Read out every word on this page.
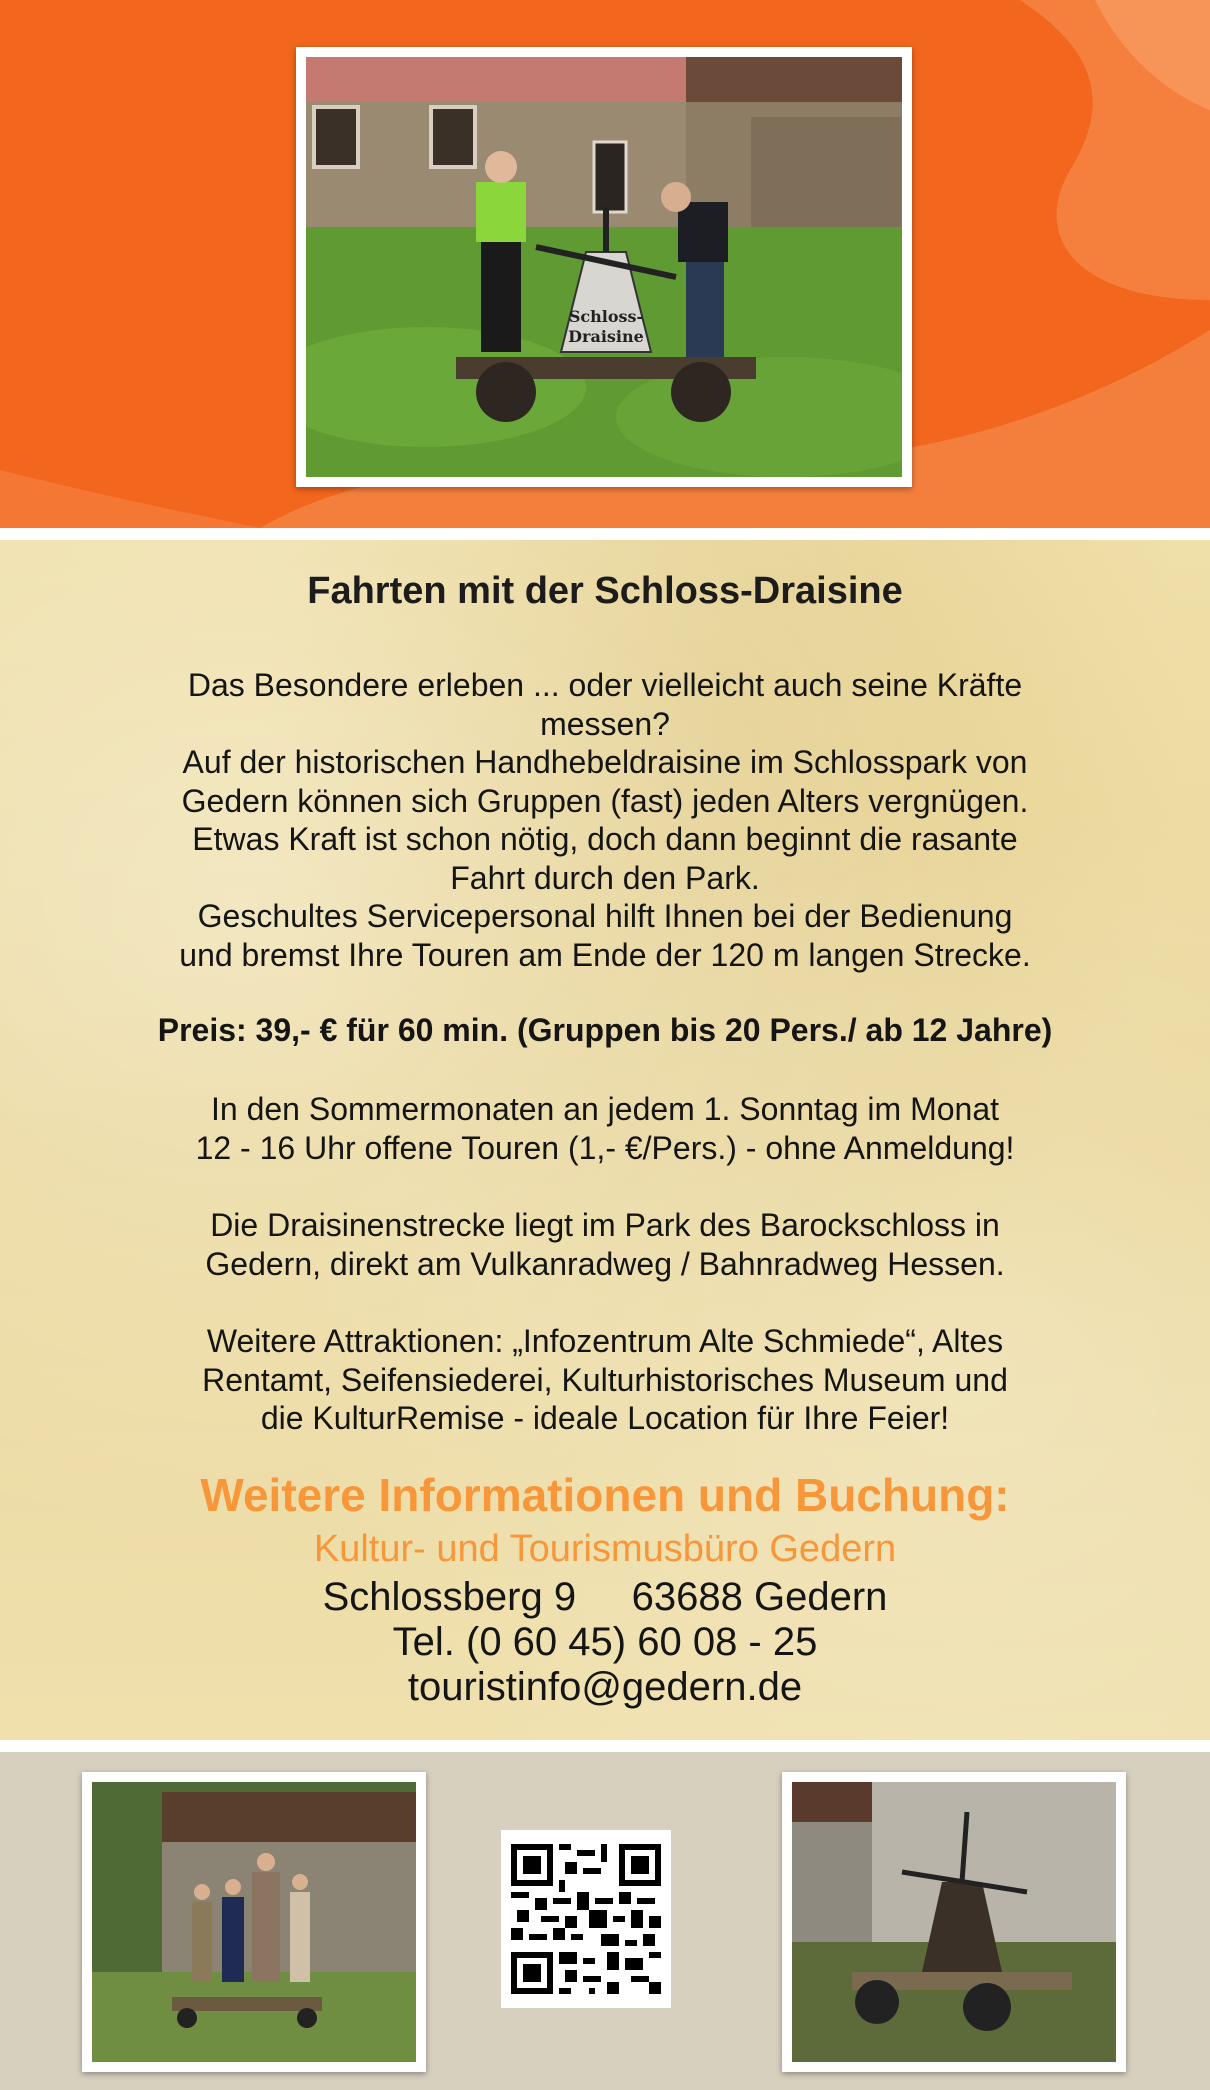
Schloss-
Draisine
Fahrten mit der Schloss-Draisine
Das Besondere erleben ... oder vielleicht auch seine Kräfte
messen?
Auf der historischen Handhebeldraisine im Schlosspark von
Gedern können sich Gruppen (fast) jeden Alters vergnügen.
Etwas Kraft ist schon nötig, doch dann beginnt die rasante
Fahrt durch den Park.
Geschultes Servicepersonal hilft Ihnen bei der Bedienung
und bremst Ihre Touren am Ende der 120 m langen Strecke.

Preis: 39,- € für 60 min. (Gruppen bis 20 Pers./ ab 12 Jahre)

In den Sommermonaten an jedem 1. Sonntag im Monat
12 - 16 Uhr offene Touren (1,- €/Pers.) - ohne Anmeldung!
Die Draisinenstrecke liegt im Park des Barockschloss in
Gedern, direkt am Vulkanradweg / Bahnradweg Hessen.
Weitere Attraktionen: „Infozentrum Alte Schmiede“, Altes
Rentamt, Seifensiederei, Kulturhistorisches Museum und
die KulturRemise - ideale Location für Ihre Feier!

Weitere Informationen und Buchung:

Kultur- und Tourismusbüro Gedern

Schlossberg 9     63688 Gedern

Tel. (0 60 45) 60 08 - 25

touristinfo@gedern.de
